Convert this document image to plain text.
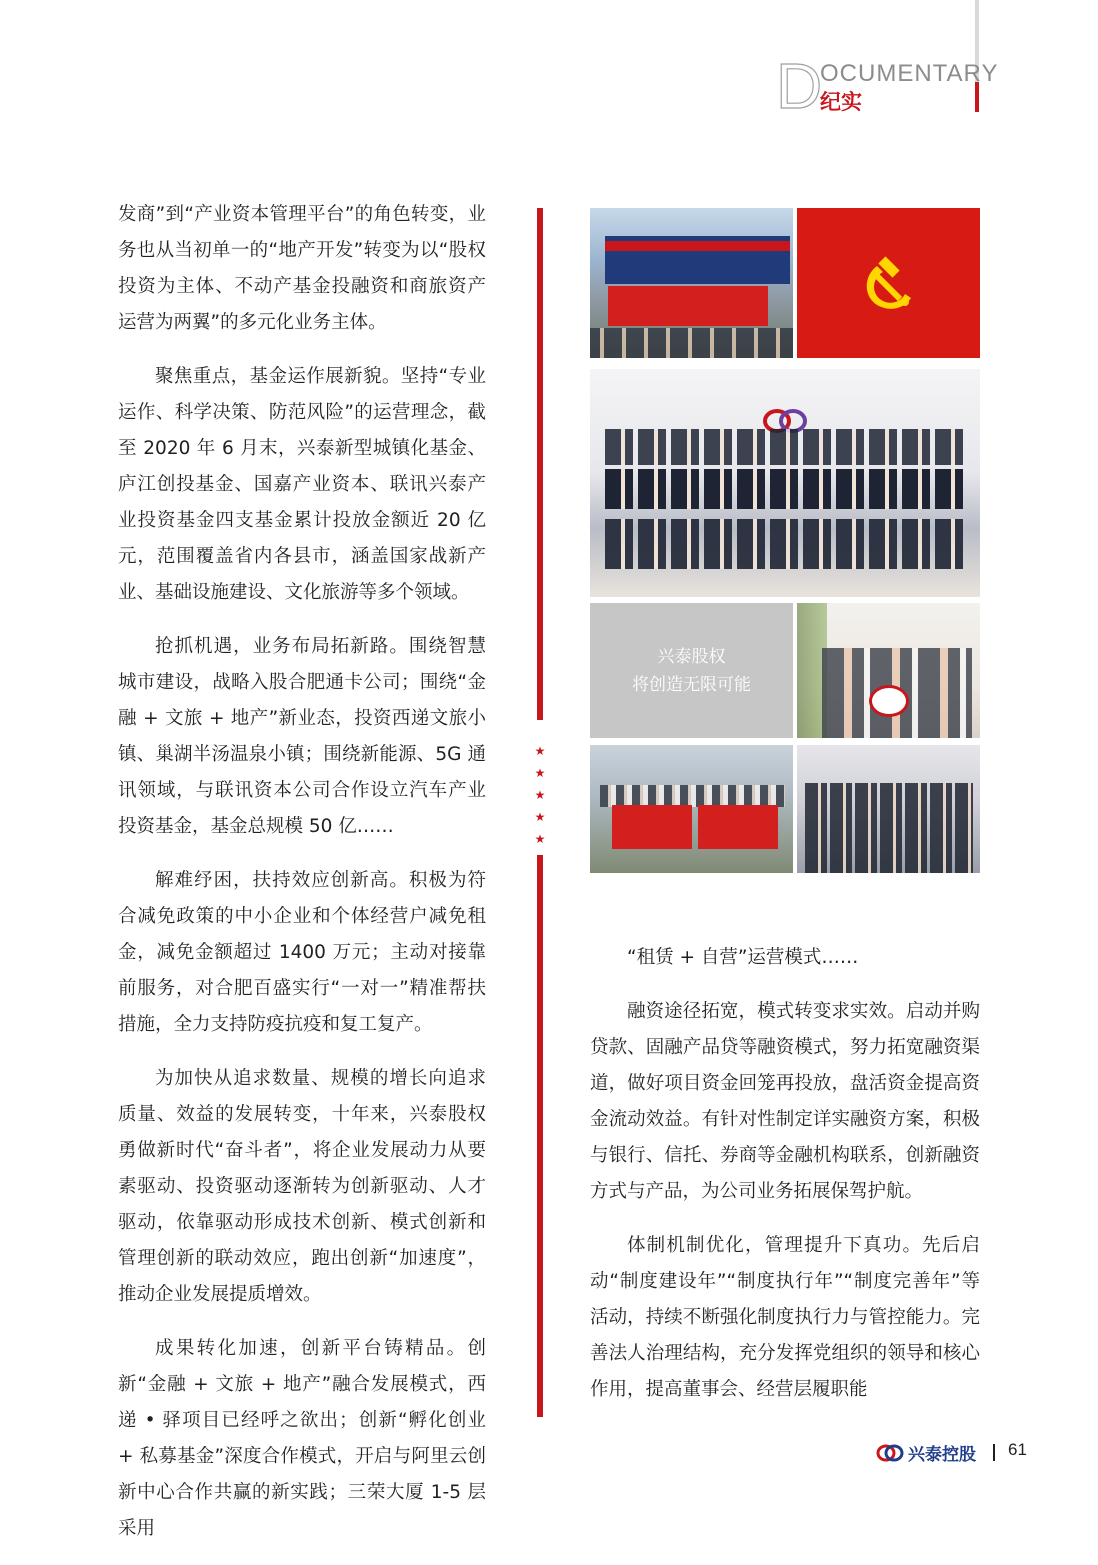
D
OCUMENTARY
纪实

发商”到“产业资本管理平台”的角色转变，业务也从当初单一的“地产开发”转变为以“股权投资为主体、不动产基金投融资和商旅资产运营为两翼”的多元化业务主体。

聚焦重点，基金运作展新貌。坚持“专业运作、科学决策、防范风险”的运营理念，截至 2020 年 6 月末，兴泰新型城镇化基金、庐江创投基金、国嘉产业资本、联讯兴泰产业投资基金四支基金累计投放金额近 20 亿元，范围覆盖省内各县市，涵盖国家战新产业、基础设施建设、文化旅游等多个领域。

抢抓机遇，业务布局拓新路。围绕智慧城市建设，战略入股合肥通卡公司；围绕“金融 + 文旅 + 地产”新业态，投资西递文旅小镇、巢湖半汤温泉小镇；围绕新能源、5G 通讯领域，与联讯资本公司合作设立汽车产业投资基金，基金总规模 50 亿……

解难纾困，扶持效应创新高。积极为符合减免政策的中小企业和个体经营户减免租金，减免金额超过 1400 万元；主动对接靠前服务，对合肥百盛实行“一对一”精准帮扶措施，全力支持防疫抗疫和复工复产。

为加快从追求数量、规模的增长向追求质量、效益的发展转变，十年来，兴泰股权勇做新时代“奋斗者”，将企业发展动力从要素驱动、投资驱动逐渐转为创新驱动、人才驱动，依靠驱动形成技术创新、模式创新和管理创新的联动效应，跑出创新“加速度”，推动企业发展提质增效。

成果转化加速，创新平台铸精品。创新“金融 + 文旅 + 地产”融合发展模式，西递 • 驿项目已经呼之欲出；创新“孵化创业 + 私募基金”深度合作模式，开启与阿里云创新中心合作共赢的新实践；三荣大厦 1-5 层采用

★
★
★
★
★
兴泰股权
将创造无限可能

“租赁 + 自营”运营模式……

融资途径拓宽，模式转变求实效。启动并购贷款、固融产品贷等融资模式，努力拓宽融资渠道，做好项目资金回笼再投放，盘活资金提高资金流动效益。有针对性制定详实融资方案，积极与银行、信托、券商等金融机构联系，创新融资方式与产品，为公司业务拓展保驾护航。

体制机制优化，管理提升下真功。先后启动“制度建设年”“制度执行年”“制度完善年”等活动，持续不断强化制度执行力与管控能力。完善法人治理结构，充分发挥党组织的领导和核心作用，提高董事会、经营层履职能

兴泰控股 61
